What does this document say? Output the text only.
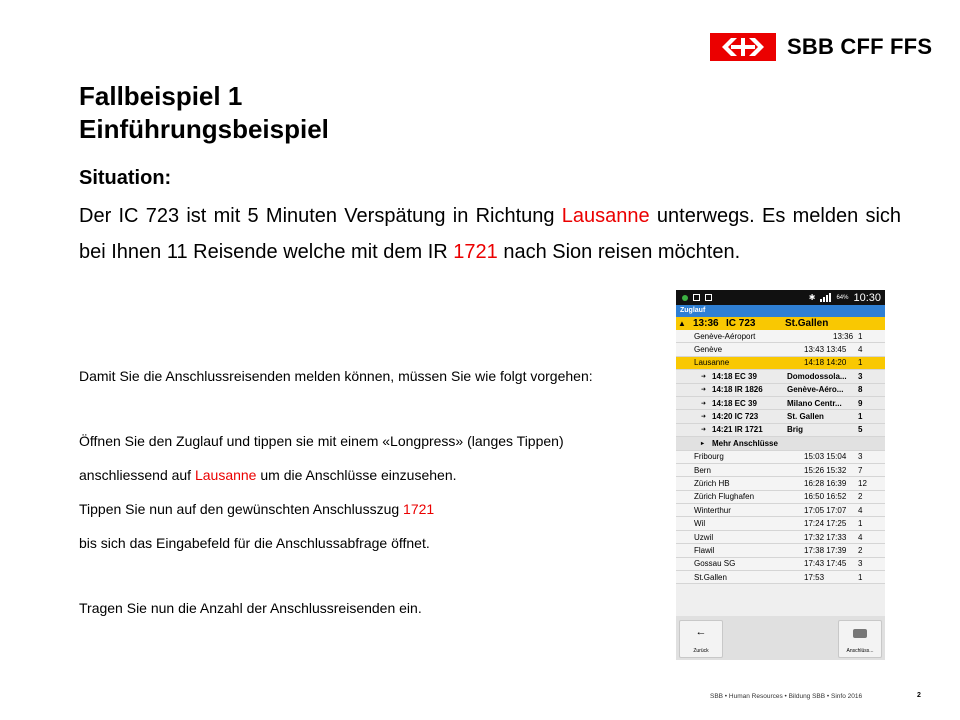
SBB CFF FFS
Fallbeispiel 1
Einführungsbeispiel
Situation:
Der IC 723 ist mit 5 Minuten Verspätung in Richtung Lausanne unterwegs. Es melden sich bei Ihnen 11 Reisende welche mit dem IR 1721 nach Sion reisen möchten.
Damit Sie die Anschlussreisenden melden können, müssen Sie wie folgt vorgehen:
Öffnen Sie den Zuglauf und tippen sie mit einem «Longpress» (langes Tippen)
anschliessend auf Lausanne um die Anschlüsse einzusehen.
Tippen Sie nun auf den gewünschten Anschlusszug 1721
bis sich das Eingabefeld für die Anschlussabfrage öffnet.
Tragen Sie nun die Anzahl der Anschlussreisenden ein.
✱	64% 10:30
Zuglauf
▲ 13:36 IC 723	St.Gallen
Genève-Aéroport	13:36 1
Genève	13:43 13:45 4
Lausanne	14:18 14:20 1
➜ 14:18 EC 39	Domodossola... 3
➜ 14:18 IR 1826	Genève-Aéro... 8
➜ 14:18 EC 39	Milano Centr... 9
➜ 14:20 IC 723	St. Gallen	1
➜ 14:21 IR 1721	Brig	5
▸ Mehr Anschlüsse
Fribourg	15:03 15:04 3
Bern	15:26 15:32 7
Zürich HB	16:28 16:39 12
Zürich Flughafen	16:50 16:52 2
Winterthur	17:05 17:07 4
Wil	17:24 17:25 1
Uzwil	17:32 17:33 4
Flawil	17:38 17:39 2
Gossau SG	17:43 17:45 3
St.Gallen	17:53	1
←
Zurück	Anschlüss...
SBB • Human Resources • Bildung SBB • Sinfo 2016	2
